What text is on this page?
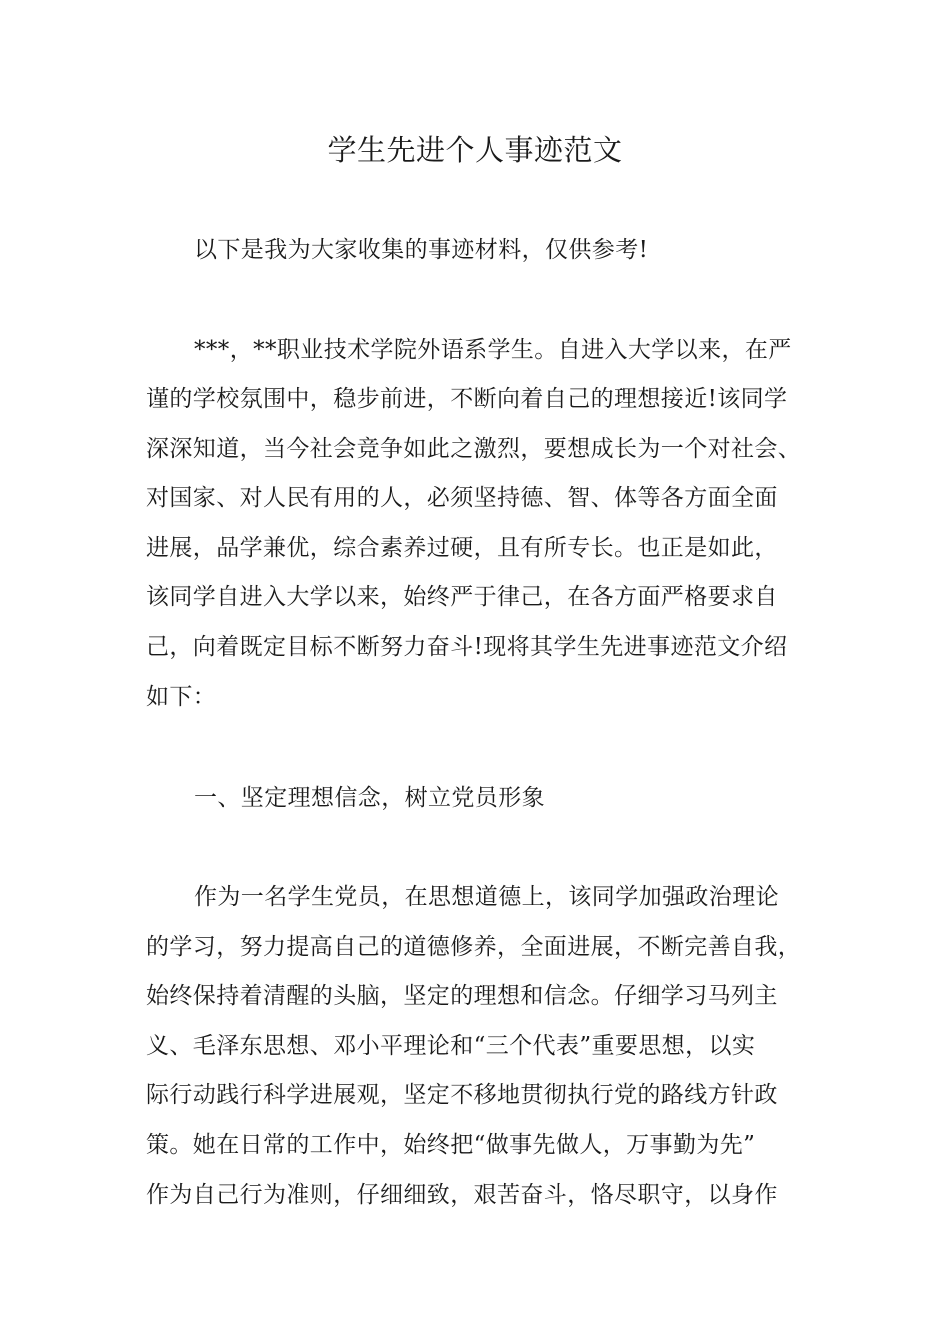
学生先进个人事迹范文
以下是我为大家收集的事迹材料，仅供参考!
***，**职业技术学院外语系学生。自进入大学以来，在严
谨的学校氛围中，稳步前进，不断向着自己的理想接近!该同学
深深知道，当今社会竞争如此之激烈，要想成长为一个对社会、
对国家、对人民有用的人，必须坚持德、智、体等各方面全面
进展，品学兼优，综合素养过硬，且有所专长。也正是如此，
该同学自进入大学以来，始终严于律己，在各方面严格要求自
己，向着既定目标不断努力奋斗!现将其学生先进事迹范文介绍
如下：
一、坚定理想信念，树立党员形象
作为一名学生党员，在思想道德上，该同学加强政治理论
的学习，努力提高自己的道德修养，全面进展，不断完善自我，
始终保持着清醒的头脑，坚定的理想和信念。仔细学习马列主
义、毛泽东思想、邓小平理论和“三个代表”重要思想，以实
际行动践行科学进展观，坚定不移地贯彻执行党的路线方针政
策。她在日常的工作中，始终把“做事先做人，万事勤为先”
作为自己行为准则，仔细细致，艰苦奋斗，恪尽职守，以身作
